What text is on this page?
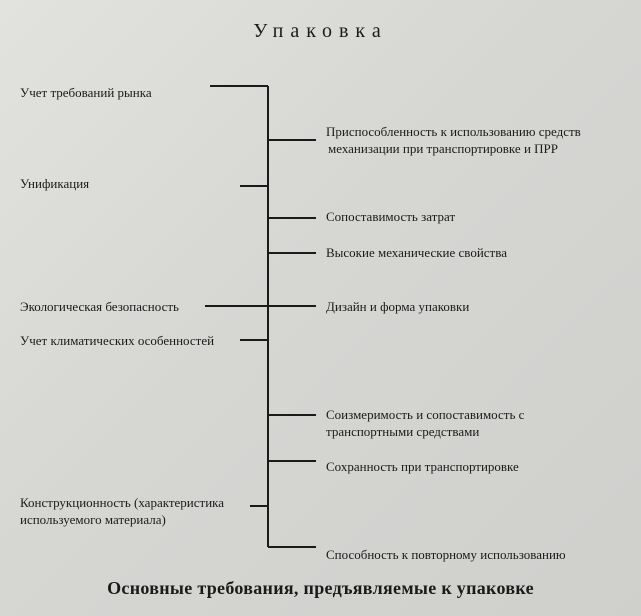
Упаковка
Учет требований рынка
Унификация
Экологическая безопасность
Учет климатических особенностей
Конструкционность (характеристика
используемого материала)
Приспособленность к использованию средств
механизации при транспортировке и ПРР
Сопоставимость затрат
Высокие механические свойства
Дизайн и форма упаковки
Соизмеримость и сопоставимость с
транспортными средствами
Сохранность при транспортировке
Способность к повторному использованию
Основные требования, предъявляемые к упаковке
